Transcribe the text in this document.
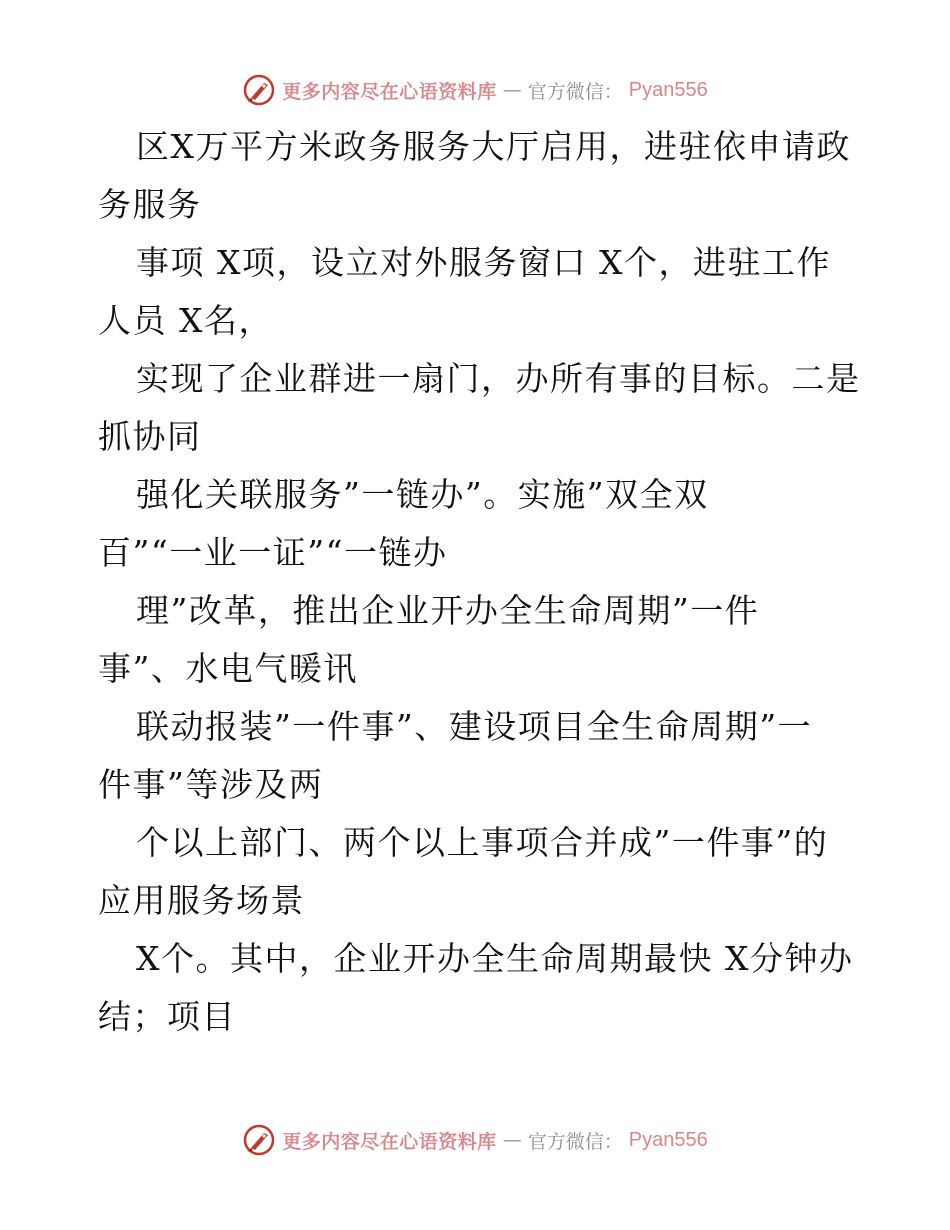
更多内容尽在心语资料库 — 官方微信： Pyan556
区X万平方米政务服务大厅启用，进驻依申请政
务服务
事项 X项，设立对外服务窗口 X个，进驻工作
人员 X名，
实现了企业群进一扇门，办所有事的目标。二是
抓协同
强化关联服务”一链办”。实施”双全双
百”“一业一证”“一链办
理”改革，推出企业开办全生命周期”一件
事”、水电气暖讯
联动报装”一件事”、建设项目全生命周期”一
件事”等涉及两
个以上部门、两个以上事项合并成”一件事”的
应用服务场景
X个。其中，企业开办全生命周期最快 X分钟办
结；项目
更多内容尽在心语资料库 — 官方微信： Pyan556
